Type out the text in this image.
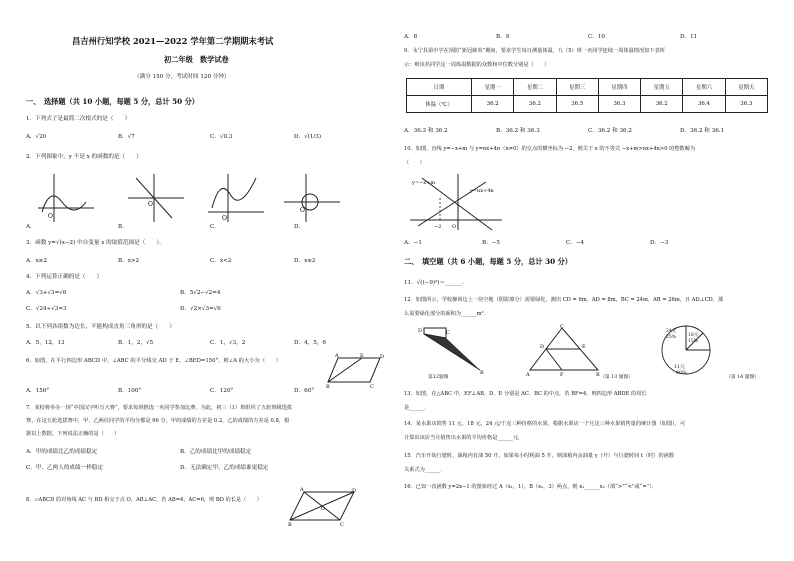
昌吉州行知学校 2021—2022 学年第二学期期末考试
初二年级　数学试卷
（满分 150 分，考试时间 120 分钟）
一、　选择题（共 10 小题，每题 5 分，总计 50 分）
1．下列式子是最简二次根式的是（　　）
A．√20	B．√7	C．√0.3	D．√(1/3)
2．下列图象中，y 不是 x 的函数的是（　　）
O
A．
O
B．
O
C．
O
D．
3．函数 y=√(x−2) 中自变量 x 的取值范围是（　　）．
A．x≥2	B．x>2	C．x<2	D．x≤2
4．下列运算正确的是（　　）
A．√3+√3=√6	B．5√2−√2=4
C．√24÷√3=3	D．√2×√3=√6
5．以下列各组数为边长，不能构成直角三角形的是（　　）
A．5，12，13	B．1，2，√5	C．1，√3，2	D．4，5，6
6．如图，在平行四边形 ABCD 中，∠ABC 的平分线交 AD 于 E，∠BED=150°，则∠A 的大小为（　　）
A	E	D
B	C
A．150°	B．100°	C．120°	D．60°
7．某校将举办一场“中国汉字听写大赛”，要求每班推选一名同学参加比赛，为此，初三（1）班组织了五轮班级选拔
赛，在这五轮选拔赛中，甲、乙两位同学的平均分都是 96 分，甲的成绩的方差是 0.2，乙的成绩的方差是 0.8，根
据以上数据，下列说法正确的是（　　）
A．甲的成绩比乙的成绩稳定	B．乙的成绩比甲的成绩稳定
C．甲、乙两人的成绩一样稳定	D．无法确定甲、乙的成绩谁更稳定
8．▱ABCD 的对角线 AC 与 BD 相交于点 O，AB⊥AC，若 AB=4，AC=6，则 BD 的长是（　　）
A	D
B	C
O
A．8	B．9	C．10	D．11
9．永宁县第中学在预防“新冠肺炎”期间，要求学生每日测量体温，九（5）班一名同学连续一周体温情况如下表所
示：则该名同学这一周体温数据的众数和中位数分别是（　　）
日期	星期一	星期二	星期三	星期四	星期五	星期六	星期天
体温（℃）	36.2	36.2	36.5	36.3	36.2	36.4	36.3
A．36.3 和 36.2	B．36.2 和 36.3	C．36.2 和 36.2	D．36.2 和 36.1
10．如图，直线 y=−x+m 与 y=nx+4n（n≠0）的交点的横坐标为 −2，则关于 x 的不等式 −x+m>nx+4n>0 的整数解为
（　　）
y=−x+m
y=nx+4n
O
−2
A．−1	B．−5	C．−4	D．−3
二、　填空题（共 6 小题，每题 5 分，总计 30 分）
11．√((−9)²)＝______．
12．如图所示，学校操场边上一块空地（阴影部分）需要绿化，测出 CD = 6m，AD = 8m，BC = 24m，AB = 26m，且 AD⊥CD，那
么需要绿化部分的面积为______m²．
D	C
B
第12题图
C
A	B
D	E
F	（第 13 题图）
11元
60%
18元
15%
24元
25%
（第 14 题图）
13．如图，在△ABC 中，EF⊥AB，D、E 分别是 AC、BC 的中点，若 BF=4，则四边形 ABDE 的周长
是______．
14．某水果店销售 11 元，18 元，24 元/千克三种价格的水果，根据水果店一个月这三种水果销售量的统计图（如图），可
计算出该店当月销售出水果的平均价格是______元．
15．汽车开始行驶时，油箱内有油 50 升，如果每小时耗油 5 升，则油箱内余油量 y（升）与行驶时间 t（时）的函数
关系式为______．
16．已知一次函数 y=2x−1 的图象经过 A（x₁，1），B（x₂，3）两点，则 x₁______x₂（填“>”“<”或“=”）．
